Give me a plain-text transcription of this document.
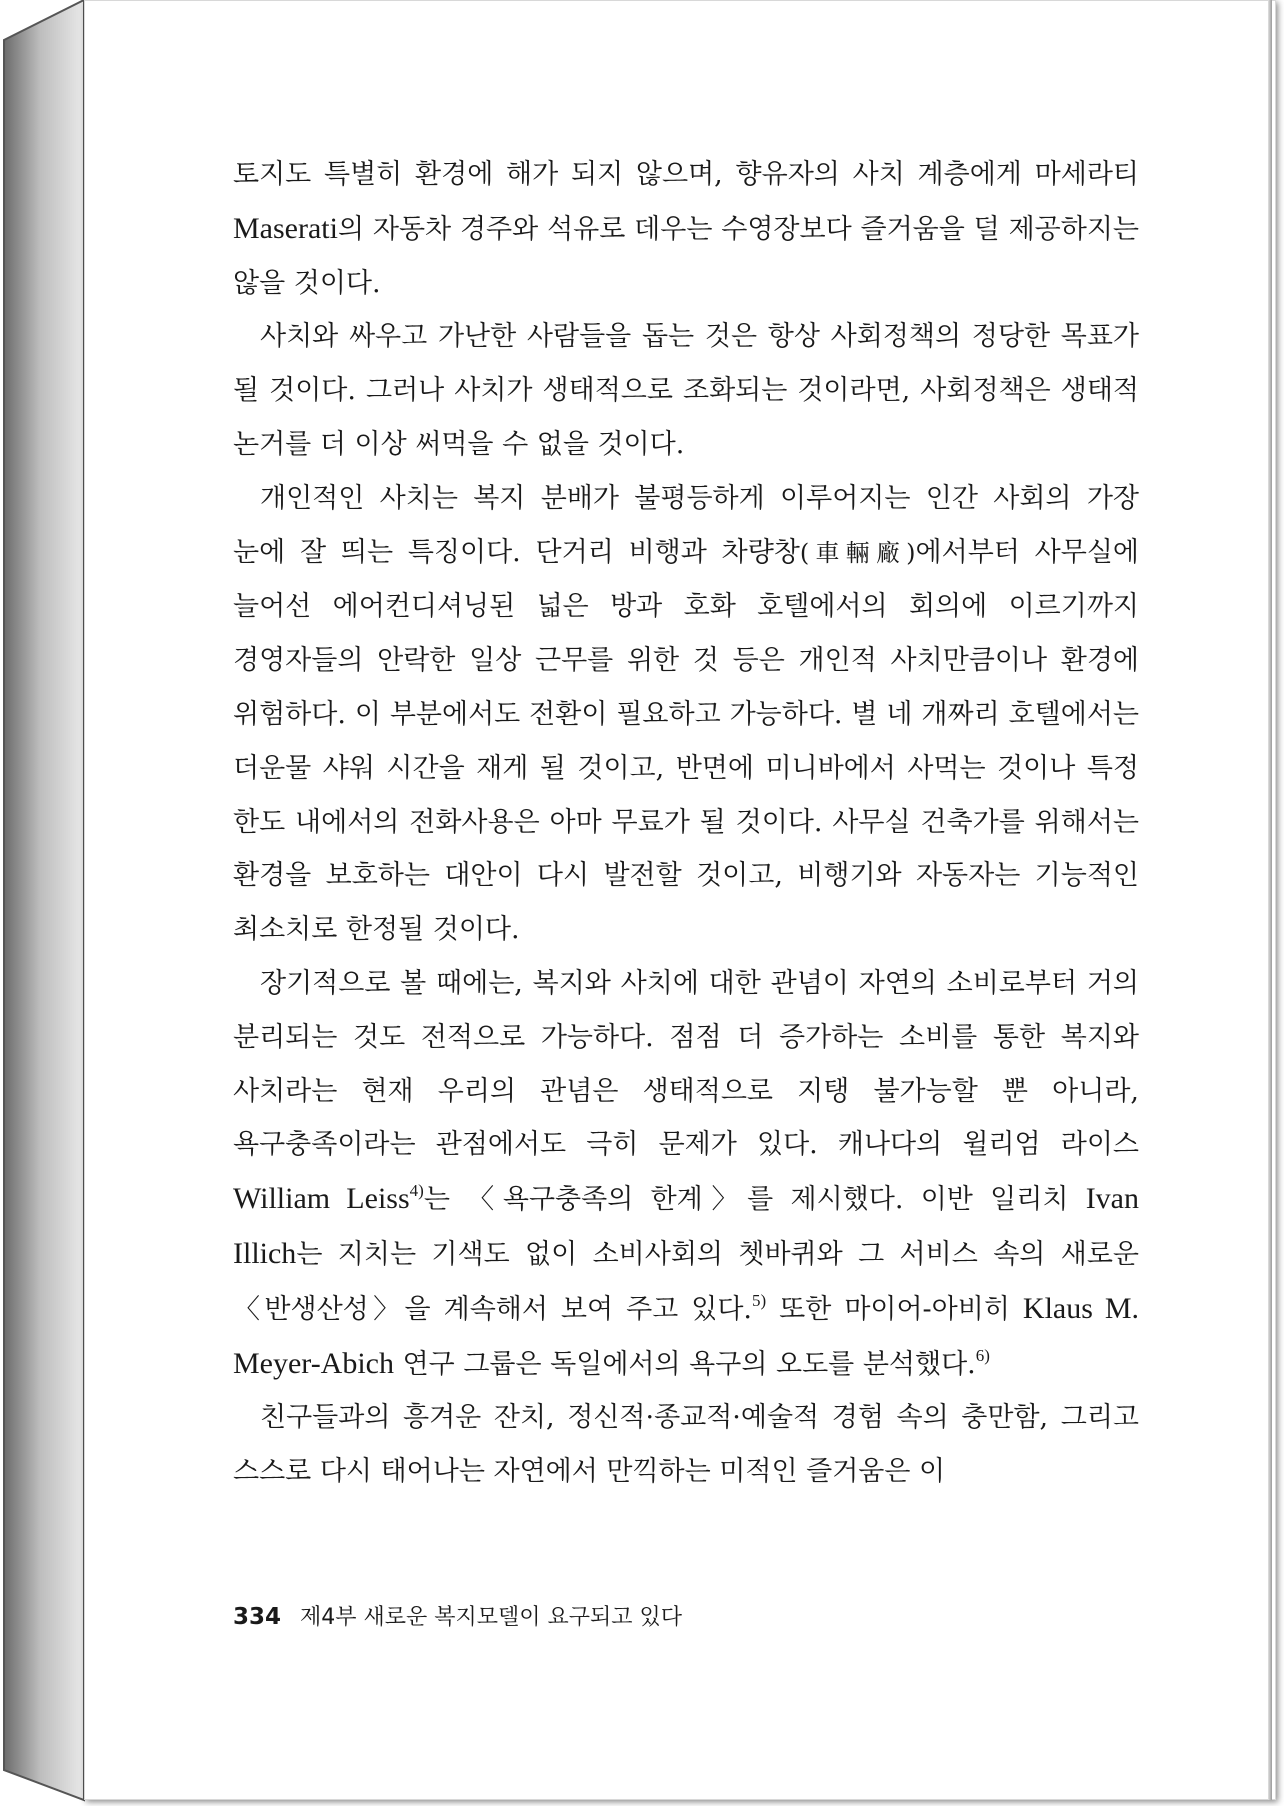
토지도 특별히 환경에 해가 되지 않으며, 향유자의 사치 계층에게 마세라티 Maserati의 자동차 경주와 석유로 데우는 수영장보다 즐거움을 덜 제공하지는 않을 것이다.

사치와 싸우고 가난한 사람들을 돕는 것은 항상 사회정책의 정당한 목표가 될 것이다. 그러나 사치가 생태적으로 조화되는 것이라면, 사회정책은 생태적 논거를 더 이상 써먹을 수 없을 것이다.

개인적인 사치는 복지 분배가 불평등하게 이루어지는 인간 사회의 가장 눈에 잘 띄는 특징이다. 단거리 비행과 차량창(車輛廠)에서부터 사무실에 늘어선 에어컨디셔닝된 넓은 방과 호화 호텔에서의 회의에 이르기까지 경영자들의 안락한 일상 근무를 위한 것 등은 개인적 사치만큼이나 환경에 위험하다. 이 부분에서도 전환이 필요하고 가능하다. 별 네 개짜리 호텔에서는 더운물 샤워 시간을 재게 될 것이고, 반면에 미니바에서 사먹는 것이나 특정 한도 내에서의 전화사용은 아마 무료가 될 것이다. 사무실 건축가를 위해서는 환경을 보호하는 대안이 다시 발전할 것이고, 비행기와 자동자는 기능적인 최소치로 한정될 것이다.

장기적으로 볼 때에는, 복지와 사치에 대한 관념이 자연의 소비로부터 거의 분리되는 것도 전적으로 가능하다. 점점 더 증가하는 소비를 통한 복지와 사치라는 현재 우리의 관념은 생태적으로 지탱 불가능할 뿐 아니라, 욕구충족이라는 관점에서도 극히 문제가 있다. 캐나다의 윌리엄 라이스 William Leiss$^{4)}$는 〈욕구충족의 한계〉를 제시했다. 이반 일리치 Ivan Illich는 지치는 기색도 없이 소비사회의 쳇바퀴와 그 서비스 속의 새로운 〈반생산성〉을 계속해서 보여 주고 있다.$^{5)}$ 또한 마이어-아비히 Klaus M. Meyer-Abich 연구 그룹은 독일에서의 욕구의 오도를 분석했다.$^{6)}$

친구들과의 흥겨운 잔치, 정신적·종교적·예술적 경험 속의 충만함, 그리고 스스로 다시 태어나는 자연에서 만끽하는 미적인 즐거움은 이

334 제4부 새로운 복지모델이 요구되고 있다
